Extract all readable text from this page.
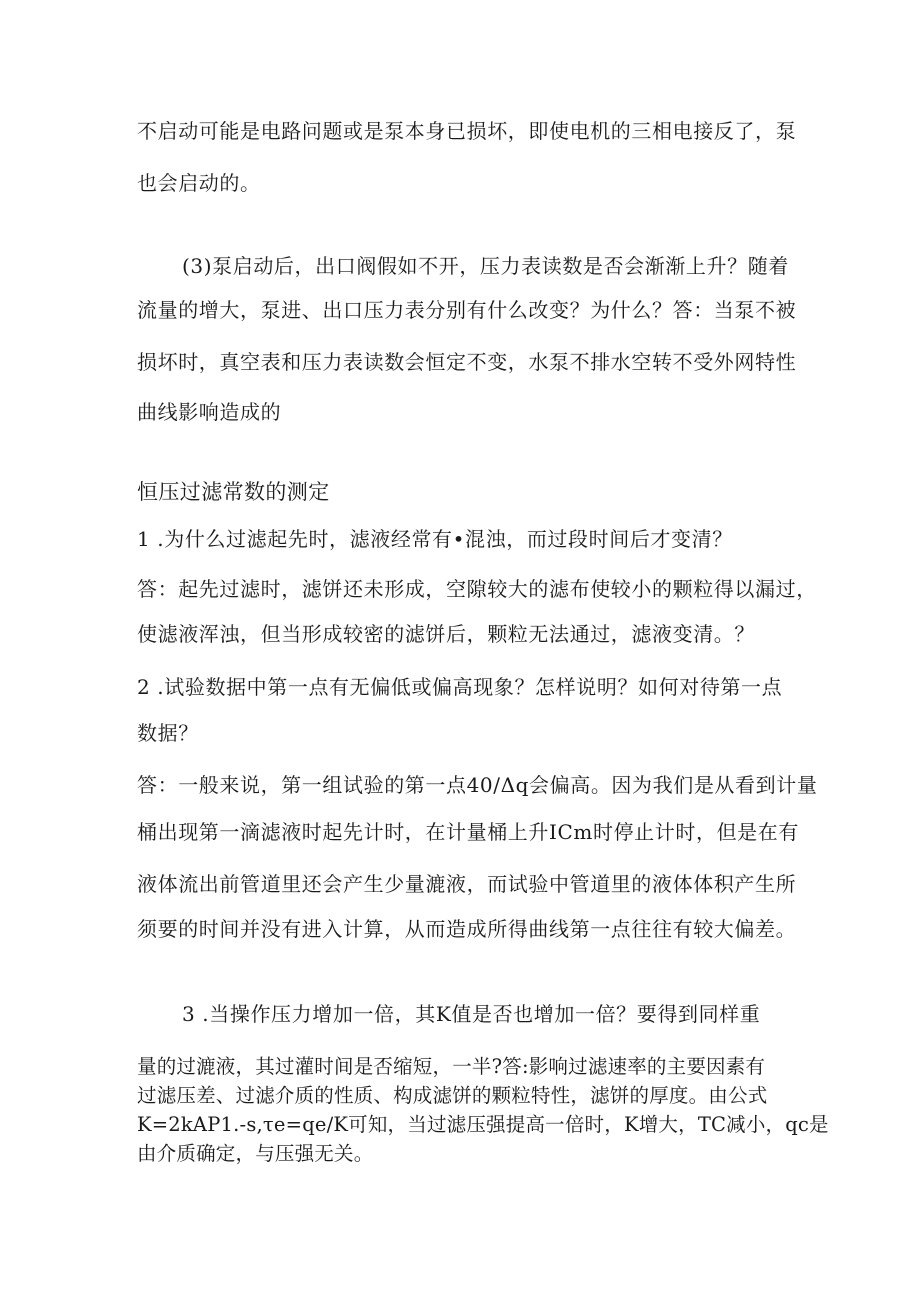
不启动可能是电路问题或是泵本身已损坏，即使电机的三相电接反了，泵
也会启动的。
(3)泵启动后，出口阀假如不开，压力表读数是否会渐渐上升？随着
流量的增大，泵进、出口压力表分别有什么改变？为什么？答：当泵不被
损坏时，真空表和压力表读数会恒定不变，水泵不排水空转不受外网特性
曲线影响造成的
恒压过滤常数的测定
1 .为什么过滤起先时，滤液经常有•混浊，而过段时间后才变清？
答：起先过滤时，滤饼还未形成，空隙较大的滤布使较小的颗粒得以漏过，
使滤液浑浊，但当形成较密的滤饼后，颗粒无法通过，滤液变清。？
2 .试验数据中第一点有无偏低或偏高现象？怎样说明？如何对待第一点
数据？
答：一般来说，第一组试验的第一点40∕Δq会偏高。因为我们是从看到计量
桶出现第一滴滤液时起先计时，在计量桶上升ICm时停止计时，但是在有
液体流出前管道里还会产生少量漉液，而试验中管道里的液体体积产生所
须要的时间并没有进入计算，从而造成所得曲线第一点往往有较大偏差。
3 .当操作压力增加一倍，其K值是否也增加一倍？要得到同样重
量的过漉液，其过灌时间是否缩短，一半?答:影响过滤速率的主要因素有
过滤压差、过滤介质的性质、构成滤饼的颗粒特性，滤饼的厚度。由公式
K=2kAP1.-s,τe=qe∕K可知，当过滤压强提高一倍时，K增大，TC减小，qc是
由介质确定，与压强无关。
